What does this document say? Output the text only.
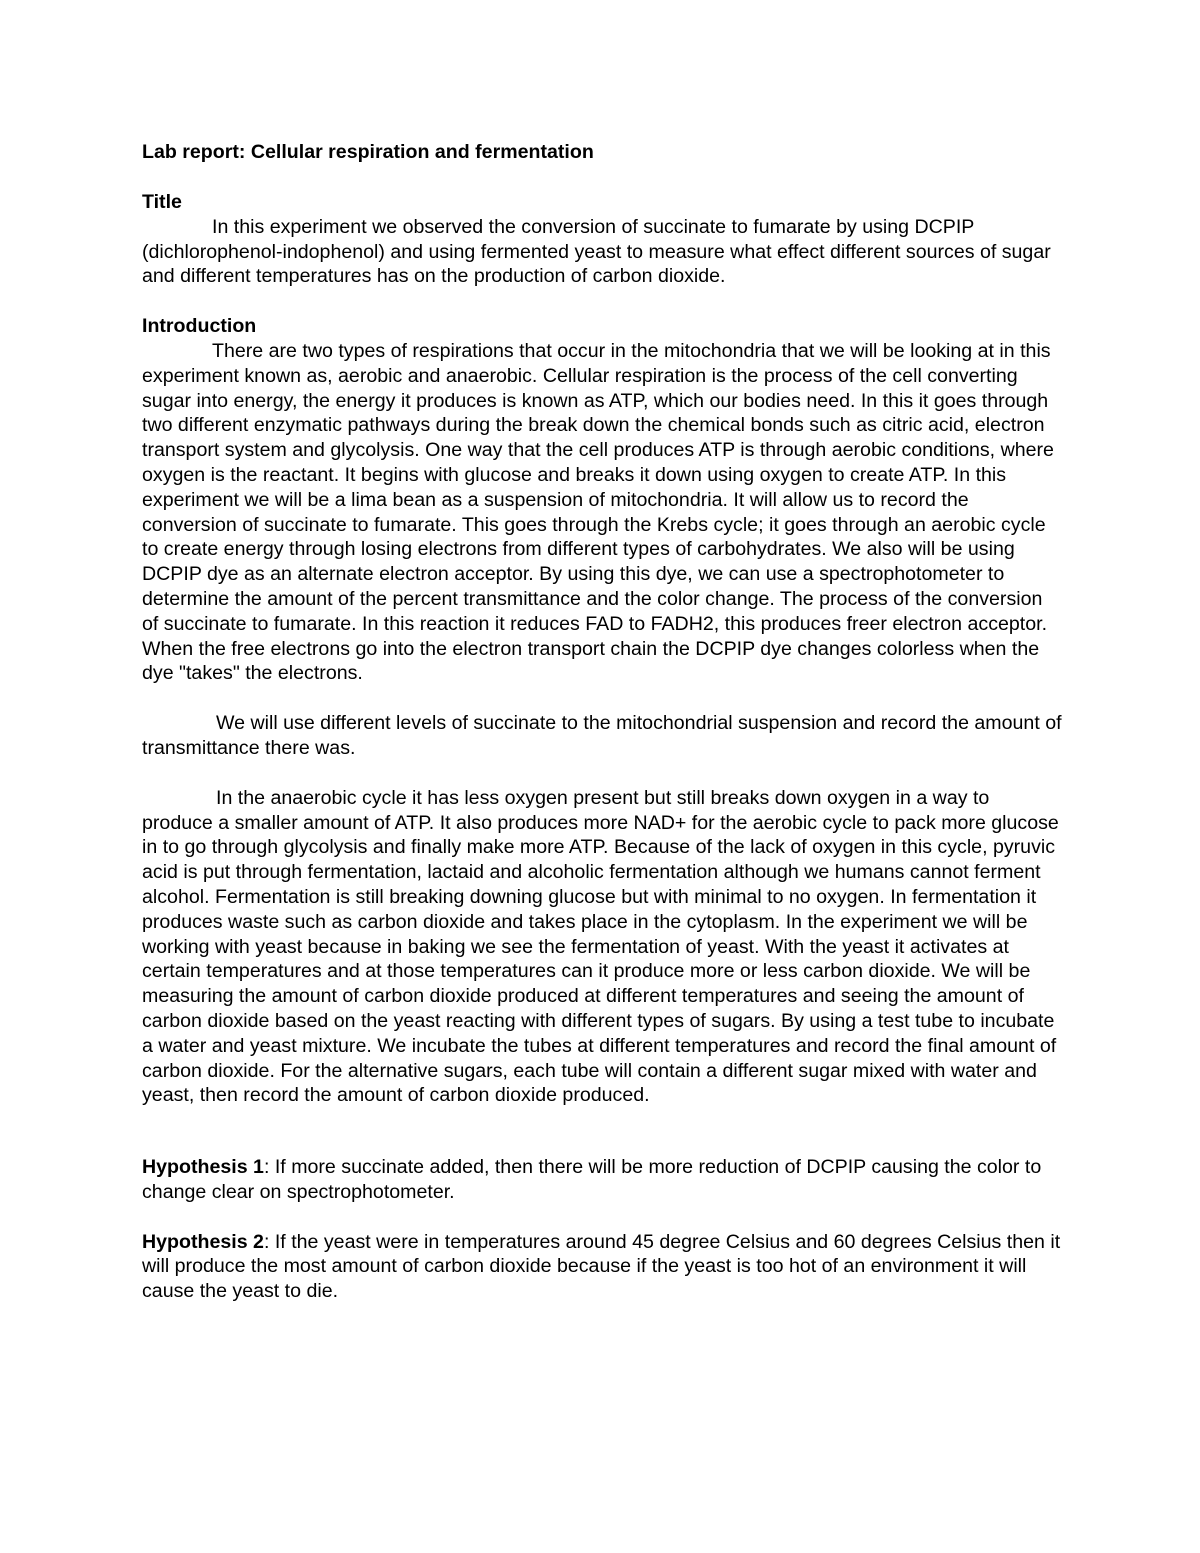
Lab report: Cellular respiration and fermentation

Title

In this experiment we observed the conversion of succinate to fumarate by using DCPIP (dichlorophenol-indophenol) and using fermented yeast to measure what effect different sources of sugar and different temperatures has on the production of carbon dioxide.

Introduction

There are two types of respirations that occur in the mitochondria that we will be looking at in this experiment known as, aerobic and anaerobic. Cellular respiration is the process of the cell converting sugar into energy, the energy it produces is known as ATP, which our bodies need. In this it goes through two different enzymatic pathways during the break down the chemical bonds such as citric acid, electron transport system and glycolysis. One way that the cell produces ATP is through aerobic conditions, where oxygen is the reactant. It begins with glucose and breaks it down using oxygen to create ATP. In this experiment we will be a lima bean as a suspension of mitochondria. It will allow us to record the conversion of succinate to fumarate. This goes through the Krebs cycle; it goes through an aerobic cycle to create energy through losing electrons from different types of carbohydrates. We also will be using DCPIP dye as an alternate electron acceptor. By using this dye, we can use a spectrophotometer to determine the amount of the percent transmittance and the color change. The process of the conversion of succinate to fumarate. In this reaction it reduces FAD to FADH2, this produces freer electron acceptor. When the free electrons go into the electron transport chain the DCPIP dye changes colorless when the dye "takes" the electrons.

We will use different levels of succinate to the mitochondrial suspension and record the amount of transmittance there was.

In the anaerobic cycle it has less oxygen present but still breaks down oxygen in a way to produce a smaller amount of ATP. It also produces more NAD+ for the aerobic cycle to pack more glucose in to go through glycolysis and finally make more ATP. Because of the lack of oxygen in this cycle, pyruvic acid is put through fermentation, lactaid and alcoholic fermentation although we humans cannot ferment alcohol. Fermentation is still breaking downing glucose but with minimal to no oxygen. In fermentation it produces waste such as carbon dioxide and takes place in the cytoplasm. In the experiment we will be working with yeast because in baking we see the fermentation of yeast. With the yeast it activates at certain temperatures and at those temperatures can it produce more or less carbon dioxide. We will be measuring the amount of carbon dioxide produced at different temperatures and seeing the amount of carbon dioxide based on the yeast reacting with different types of sugars. By using a test tube to incubate a water and yeast mixture. We incubate the tubes at different temperatures and record the final amount of carbon dioxide. For the alternative sugars, each tube will contain a different sugar mixed with water and yeast, then record the amount of carbon dioxide produced.

Hypothesis 1: If more succinate added, then there will be more reduction of DCPIP causing the color to change clear on spectrophotometer.

Hypothesis 2: If the yeast were in temperatures around 45 degree Celsius and 60 degrees Celsius then it will produce the most amount of carbon dioxide because if the yeast is too hot of an environment it will cause the yeast to die.
